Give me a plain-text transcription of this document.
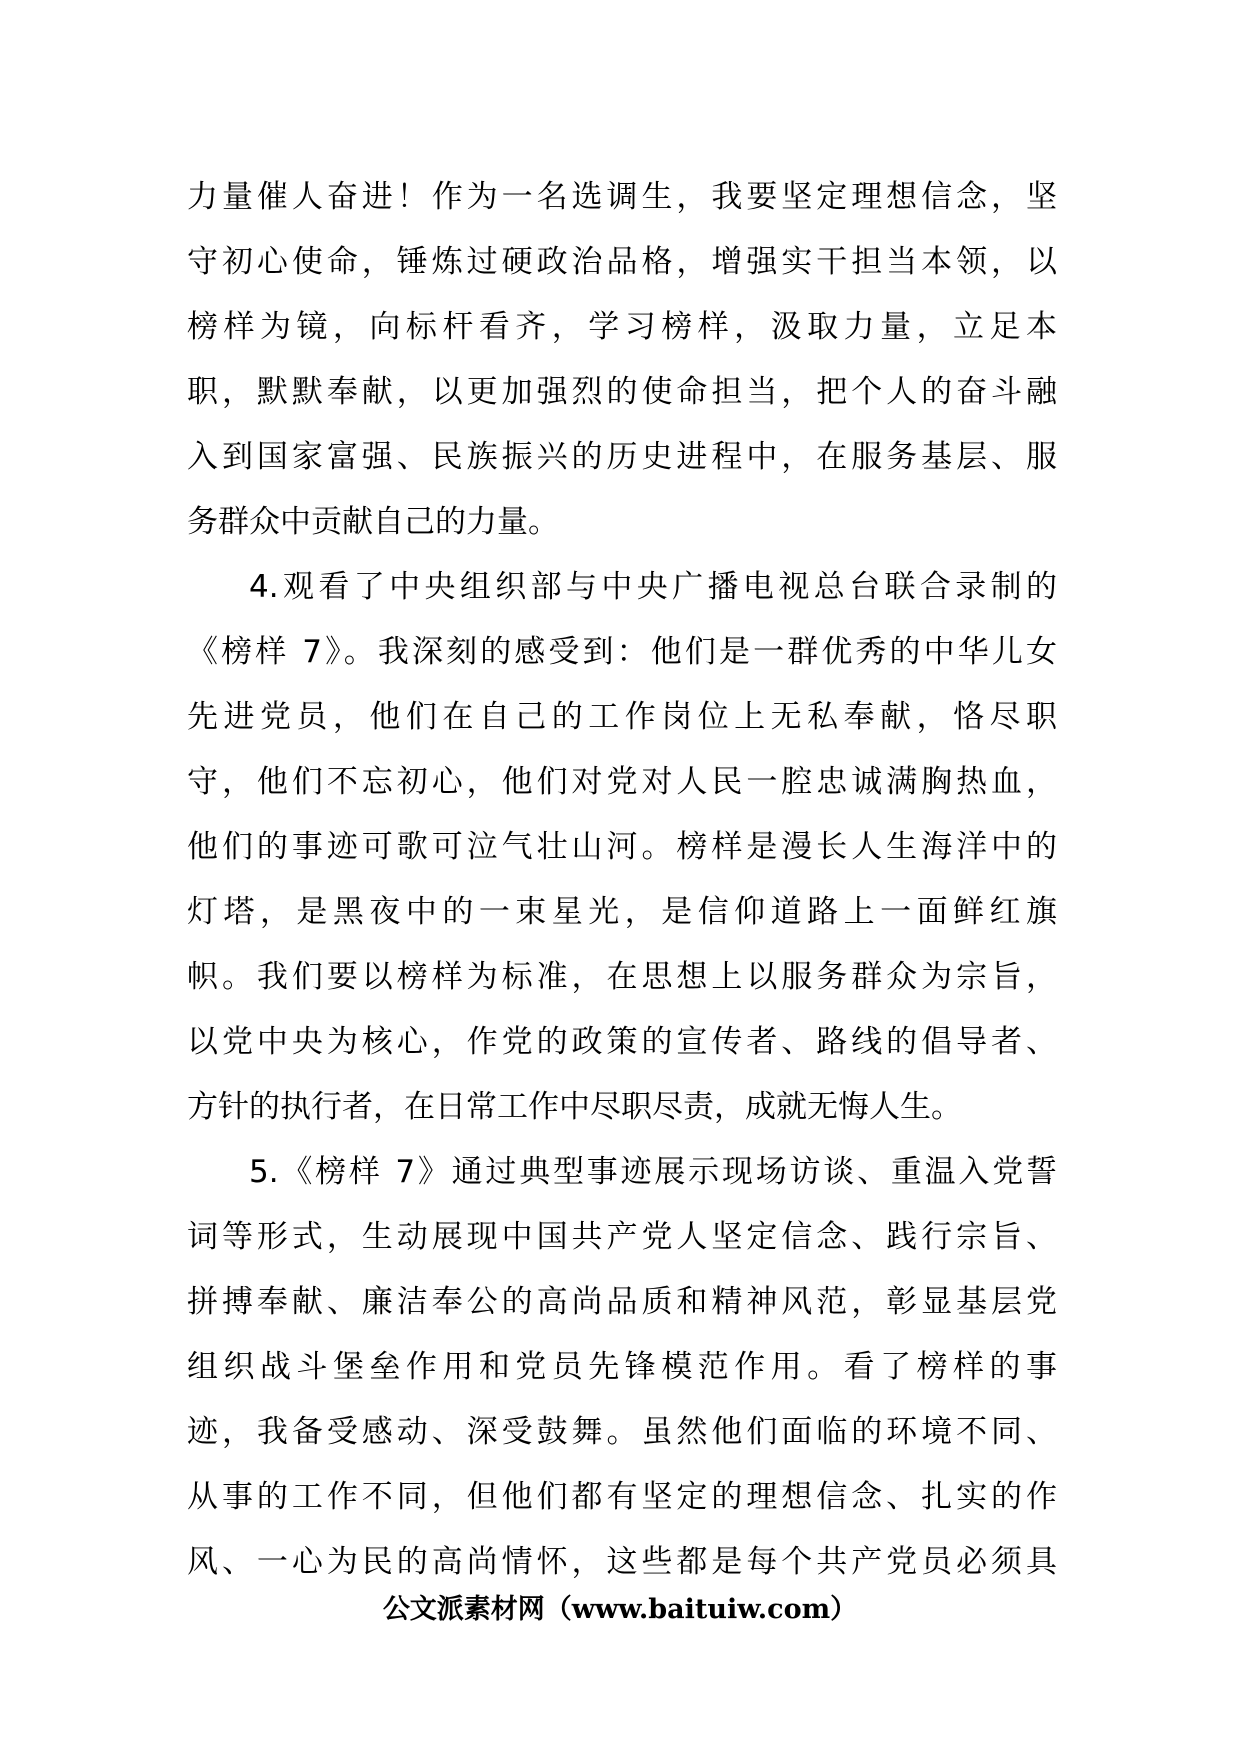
力量催人奋进！作为一名选调生，我要坚定理想信念，坚
守初心使命，锤炼过硬政治品格，增强实干担当本领，以
榜样为镜，向标杆看齐，学习榜样，汲取力量，立足本
职，默默奉献，以更加强烈的使命担当，把个人的奋斗融
入到国家富强、民族振兴的历史进程中，在服务基层、服
务群众中贡献自己的力量。
4.观看了中央组织部与中央广播电视总台联合录制的
《榜样 7》。我深刻的感受到：他们是一群优秀的中华儿女
先进党员，他们在自己的工作岗位上无私奉献，恪尽职
守，他们不忘初心，他们对党对人民一腔忠诚满胸热血，
他们的事迹可歌可泣气壮山河。榜样是漫长人生海洋中的
灯塔，是黑夜中的一束星光，是信仰道路上一面鲜红旗
帜。我们要以榜样为标准，在思想上以服务群众为宗旨，
以党中央为核心，作党的政策的宣传者、路线的倡导者、
方针的执行者，在日常工作中尽职尽责，成就无悔人生。
5.《榜样 7》通过典型事迹展示现场访谈、重温入党誓
词等形式，生动展现中国共产党人坚定信念、践行宗旨、
拼搏奉献、廉洁奉公的高尚品质和精神风范，彰显基层党
组织战斗堡垒作用和党员先锋模范作用。看了榜样的事
迹，我备受感动、深受鼓舞。虽然他们面临的环境不同、
从事的工作不同，但他们都有坚定的理想信念、扎实的作
风、一心为民的高尚情怀，这些都是每个共产党员必须具
公文派素材网（www.baituiw.com）
